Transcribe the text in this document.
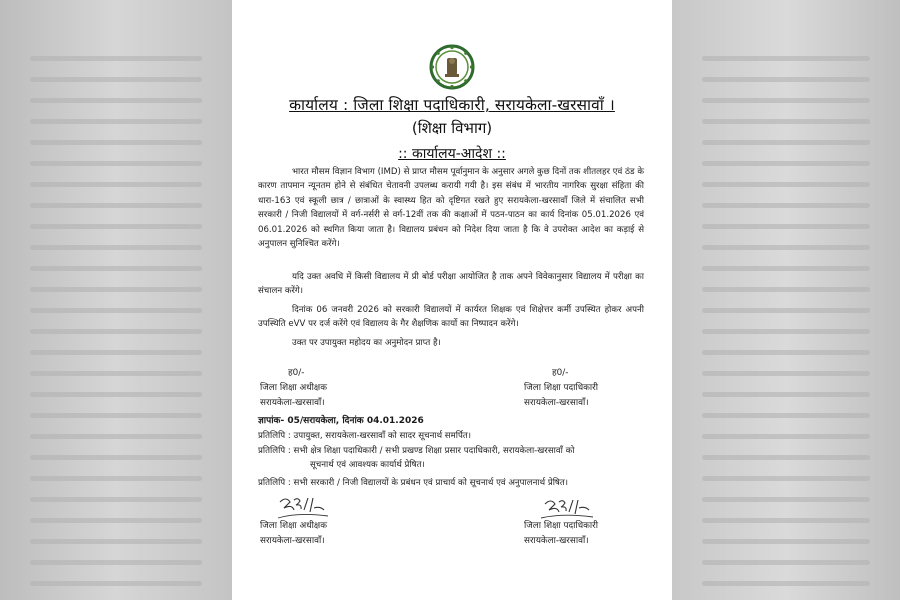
कार्यालय : जिला शिक्षा पदाधिकारी, सरायकेला-खरसावाँ ।
(शिक्षा विभाग)
:: कार्यालय-आदेश ::
भारत मौसम विज्ञान विभाग (IMD) से प्राप्त मौसम पूर्वानुमान के अनुसार अगले कुछ दिनों तक शीतलहर एवं ठंड के कारण तापमान न्यूनतम होने से संबंधित चेतावनी उपलब्ध करायी गयी है। इस संबंध में भारतीय नागरिक सुरक्षा संहिता की धारा-163 एवं स्कूली छात्र / छात्राओं के स्वास्थ्य हित को दृष्टिगत रखते हुए सरायकेला-खरसावाँ जिले में संचालित सभी सरकारी / निजी विद्यालयों में वर्ग-नर्सरी से वर्ग-12वीं तक की कक्षाओं में पठन-पाठन का कार्य दिनांक 05.01.2026 एवं 06.01.2026 को स्थगित किया जाता है। विद्यालय प्रबंधन को निदेश दिया जाता है कि वे उपरोक्त आदेश का कड़ाई से अनुपालन सुनिश्चित करेंगे।
यदि उक्त अवधि में किसी विद्यालय में प्री बोर्ड परीक्षा आयोजित है ताक अपने विवेकानुसार विद्यालय में परीक्षा का संचालन करेंगे।
दिनांक 06 जनवरी 2026 को सरकारी विद्यालयों में कार्यरत शिक्षक एवं शिक्षेत्तर कर्मी उपस्थित होकर अपनी उपस्थिति eVV पर दर्ज करेंगे एवं विद्यालय के गैर शैक्षणिक कार्यो का निष्पादन करेंगे।
उक्त पर उपायुक्त महोदय का अनुमोदन प्राप्त है।
ह0/-
जिला शिक्षा अधीक्षक
सरायकेला-खरसावाँ।
ह0/-
जिला शिक्षा पदाधिकारी
सरायकेला-खरसावाँ।
ज्ञापांक- 05/सरायकेला, दिनांक 04.01.2026
प्रतिलिपि : उपायुक्त, सरायकेला-खरसावाँ को सादर सूचनार्थ समर्पित।
प्रतिलिपि : सभी क्षेत्र शिक्षा पदाधिकारी / सभी प्रखण्ड शिक्षा प्रसार पदाधिकारी, सरायकेला-खरसावाँ को
सूचनार्थ एवं आवश्यक कार्यार्थ प्रेषित।
प्रतिलिपि : सभी सरकारी / निजी विद्यालयों के प्रबंधन एवं प्राचार्य को सूचनार्थ एवं अनुपालनार्थ प्रेषित।
जिला शिक्षा अधीक्षक
सरायकेला-खरसावाँ।
जिला शिक्षा पदाधिकारी
सरायकेला-खरसावाँ।
